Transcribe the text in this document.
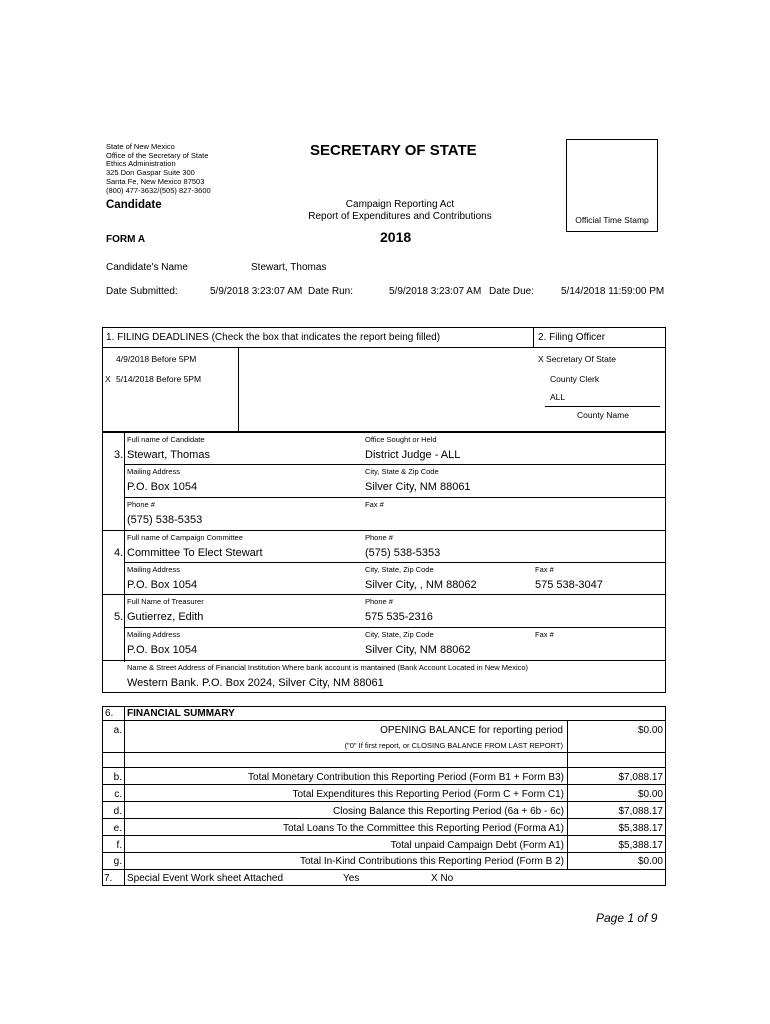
State of New Mexico
Office of the Secretary of State
Ethics Administration
325 Don Gaspar Suite 300
Santa Fe, New Mexico 87503
(800) 477-3632/(505) 827-3600
SECRETARY OF STATE
Candidate	Campaign Reporting Act
Report of Expenditures and Contributions
FORM A	2018
Official Time Stamp
Candidate's Name	Stewart, Thomas
Date Submitted:	5/9/2018 3:23:07 AM Date Run:	5/9/2018 3:23:07 AM Date Due:	5/14/2018 11:59:00 PM
1. FILING DEADLINES (Check the box that indicates the report being filled)	2. Filing Officer
4/9/2018 Before 5PM
X 5/14/2018 Before 5PM
X Secretary Of State
County Clerk
ALL
County Name
3.
Full name of Candidate
Stewart, Thomas
Office Sought or Held
District Judge - ALL
Mailing Address
P.O. Box 1054
City, State & Zip Code
Silver City, NM 88061
Phone #
(575) 538-5353
Fax #
4.
Full name of Campaign Committee
Committee To Elect Stewart
Phone #
(575) 538-5353
Mailing Address
P.O. Box 1054
City, State, Zip Code
Silver City, , NM 88062
Fax #
575 538-3047
5.
Full Name of Treasurer
Gutierrez, Edith
Phone #
575 535-2316
Mailing Address
P.O. Box 1054
City, State, Zip Code
Silver City, NM 88062
Fax #
Name & Street Address of Financial Institution Where bank account is mantained (Bank Account Located in New Mexico)
Western Bank. P.O. Box 2024, Silver City, NM 88061
6. FINANCIAL SUMMARY
a.	OPENING BALANCE for reporting period
("0" If first report, or CLOSING BALANCE FROM LAST REPORT)
$0.00
b.	Total Monetary Contribution this Reporting Period (Form B1 + Form B3)	$7,088.17
c.	Total Expenditures this Reporting Period (Form C + Form C1)	$0.00
d.	Closing Balance this Reporting Period (6a + 6b - 6c)	$7,088.17
e.	Total Loans To the Committee this Reporting Period (Forma A1)	$5,388.17
f.	Total unpaid Campaign Debt (Form A1)	$5,388.17
g.	Total In-Kind Contributions this Reporting Period (Form B 2)	$0.00
7. Special Event Work sheet Attached	Yes	X No
Page 1 of 9
